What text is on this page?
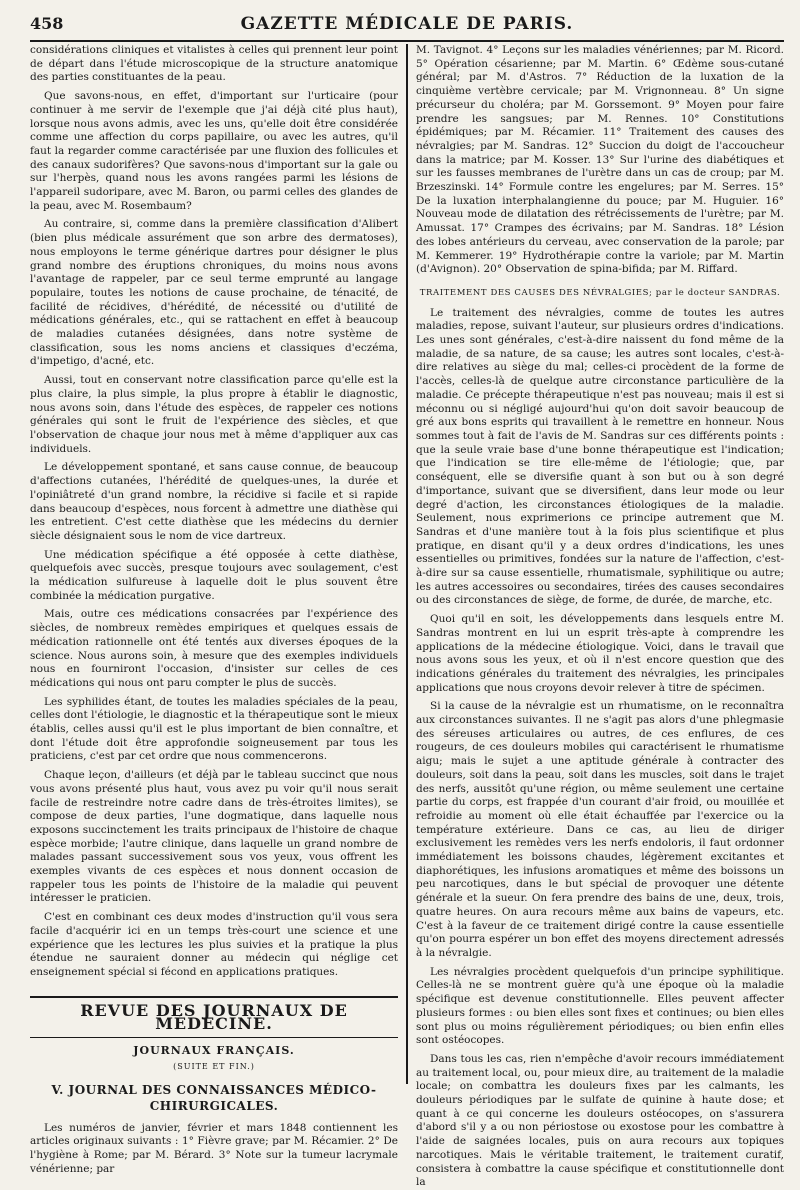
458	GAZETTE MÉDICALE DE PARIS.

considérations cliniques et vitalistes à celles qui prennent leur point de départ dans l'étude microscopique de la structure anatomique des parties constituantes de la peau.

Que savons-nous, en effet, d'important sur l'urticaire (pour continuer à me servir de l'exemple que j'ai déjà cité plus haut), lorsque nous avons admis, avec les uns, qu'elle doit être considérée comme une affection du corps papillaire, ou avec les autres, qu'il faut la regarder comme caractérisée par une fluxion des follicules et des canaux sudorifères? Que savons-nous d'important sur la gale ou sur l'herpès, quand nous les avons rangées parmi les lésions de l'appareil sudoripare, avec M. Baron, ou parmi celles des glandes de la peau, avec M. Rosembaum?

Au contraire, si, comme dans la première classification d'Alibert (bien plus médicale assurément que son arbre des dermatoses), nous employons le terme générique dartres pour désigner le plus grand nombre des éruptions chroniques, du moins nous avons l'avantage de rappeler, par ce seul terme emprunté au langage populaire, toutes les notions de cause prochaine, de ténacité, de facilité de récidives, d'hérédité, de nécessité ou d'utilité de médications générales, etc., qui se rattachent en effet à beaucoup de maladies cutanées désignées, dans notre système de classification, sous les noms anciens et classiques d'eczéma, d'impetigo, d'acné, etc.

Aussi, tout en conservant notre classification parce qu'elle est la plus claire, la plus simple, la plus propre à établir le diagnostic, nous avons soin, dans l'étude des espèces, de rappeler ces notions générales qui sont le fruit de l'expérience des siècles, et que l'observation de chaque jour nous met à même d'appliquer aux cas individuels.

Le développement spontané, et sans cause connue, de beaucoup d'affections cutanées, l'hérédité de quelques-unes, la durée et l'opiniâtreté d'un grand nombre, la récidive si facile et si rapide dans beaucoup d'espèces, nous forcent à admettre une diathèse qui les entretient. C'est cette diathèse que les médecins du dernier siècle désignaient sous le nom de vice dartreux.

Une médication spécifique a été opposée à cette diathèse, quelquefois avec succès, presque toujours avec soulagement, c'est la médication sulfureuse à laquelle doit le plus souvent être combinée la médication purgative.

Mais, outre ces médications consacrées par l'expérience des siècles, de nombreux remèdes empiriques et quelques essais de médication rationnelle ont été tentés aux diverses époques de la science. Nous aurons soin, à mesure que des exemples individuels nous en fourniront l'occasion, d'insister sur celles de ces médications qui nous ont paru compter le plus de succès.

Les syphilides étant, de toutes les maladies spéciales de la peau, celles dont l'étiologie, le diagnostic et la thérapeutique sont le mieux établis, celles aussi qu'il est le plus important de bien connaître, et dont l'étude doit être approfondie soigneusement par tous les praticiens, c'est par cet ordre que nous commencerons.

Chaque leçon, d'ailleurs (et déjà par le tableau succinct que nous vous avons présenté plus haut, vous avez pu voir qu'il nous serait facile de restreindre notre cadre dans de très-étroites limites), se compose de deux parties, l'une dogmatique, dans laquelle nous exposons succinctement les traits principaux de l'histoire de chaque espèce morbide; l'autre clinique, dans laquelle un grand nombre de malades passant successivement sous vos yeux, vous offrent les exemples vivants de ces espèces et nous donnent occasion de rappeler tous les points de l'histoire de la maladie qui peuvent intéresser le praticien.

C'est en combinant ces deux modes d'instruction qu'il vous sera facile d'acquérir ici en un temps très-court une science et une expérience que les lectures les plus suivies et la pratique la plus étendue ne sauraient donner au médecin qui néglige cet enseignement spécial si fécond en applications pratiques.

REVUE DES JOURNAUX DE MÉDECINE.
JOURNAUX FRANÇAIS.
(SUITE ET FIN.)
V. JOURNAL DES CONNAISSANCES MÉDICO-CHIRURGICALES.

Les numéros de janvier, février et mars 1848 contiennent les articles originaux suivants : 1° Fièvre grave; par M. Récamier. 2° De l'hygiène à Rome; par M. Bérard. 3° Note sur la tumeur lacrymale vénérienne; par

M. Tavignot. 4° Leçons sur les maladies vénériennes; par M. Ricord. 5° Opération césarienne; par M. Martin. 6° Œdème sous-cutané général; par M. d'Astros. 7° Réduction de la luxation de la cinquième vertèbre cervicale; par M. Vrignonneau. 8° Un signe précurseur du choléra; par M. Gorssemont. 9° Moyen pour faire prendre les sangsues; par M. Rennes. 10° Constitutions épidémiques; par M. Récamier. 11° Traitement des causes des névralgies; par M. Sandras. 12° Succion du doigt de l'accoucheur dans la matrice; par M. Kosser. 13° Sur l'urine des diabétiques et sur les fausses membranes de l'urètre dans un cas de croup; par M. Brzeszinski. 14° Formule contre les engelures; par M. Serres. 15° De la luxation interphalangienne du pouce; par M. Huguier. 16° Nouveau mode de dilatation des rétrécissements de l'urètre; par M. Amussat. 17° Crampes des écrivains; par M. Sandras. 18° Lésion des lobes antérieurs du cerveau, avec conservation de la parole; par M. Kemmerer. 19° Hydrothérapie contre la variole; par M. Martin (d'Avignon). 20° Observation de spina-bifida; par M. Riffard.

TRAITEMENT DES CAUSES DES NÉVRALGIES; par le docteur SANDRAS.

Le traitement des névralgies, comme de toutes les autres maladies, repose, suivant l'auteur, sur plusieurs ordres d'indications. Les unes sont générales, c'est-à-dire naissent du fond même de la maladie, de sa nature, de sa cause; les autres sont locales, c'est-à-dire relatives au siège du mal; celles-ci procèdent de la forme de l'accès, celles-là de quelque autre circonstance particulière de la maladie. Ce précepte thérapeutique n'est pas nouveau; mais il est si méconnu ou si négligé aujourd'hui qu'on doit savoir beaucoup de gré aux bons esprits qui travaillent à le remettre en honneur. Nous sommes tout à fait de l'avis de M. Sandras sur ces différents points : que la seule vraie base d'une bonne thérapeutique est l'indication; que l'indication se tire elle-même de l'étiologie; que, par conséquent, elle se diversifie quant à son but ou à son degré d'importance, suivant que se diversifient, dans leur mode ou leur degré d'action, les circonstances étiologiques de la maladie. Seulement, nous exprimerions ce principe autrement que M. Sandras et d'une manière tout à la fois plus scientifique et plus pratique, en disant qu'il y a deux ordres d'indications, les unes essentielles ou primitives, fondées sur la nature de l'affection, c'est-à-dire sur sa cause essentielle, rhumatismale, syphilitique ou autre; les autres accessoires ou secondaires, tirées des causes secondaires ou des circonstances de siège, de forme, de durée, de marche, etc.

Quoi qu'il en soit, les développements dans lesquels entre M. Sandras montrent en lui un esprit très-apte à comprendre les applications de la médecine étiologique. Voici, dans le travail que nous avons sous les yeux, et où il n'est encore question que des indications générales du traitement des névralgies, les principales applications que nous croyons devoir relever à titre de spécimen.

Si la cause de la névralgie est un rhumatisme, on le reconnaîtra aux circonstances suivantes. Il ne s'agit pas alors d'une phlegmasie des séreuses articulaires ou autres, de ces enflures, de ces rougeurs, de ces douleurs mobiles qui caractérisent le rhumatisme aigu; mais le sujet a une aptitude générale à contracter des douleurs, soit dans la peau, soit dans les muscles, soit dans le trajet des nerfs, aussitôt qu'une région, ou même seulement une certaine partie du corps, est frappée d'un courant d'air froid, ou mouillée et refroidie au moment où elle était échauffée par l'exercice ou la température extérieure. Dans ce cas, au lieu de diriger exclusivement les remèdes vers les nerfs endoloris, il faut ordonner immédiatement les boissons chaudes, légèrement excitantes et diaphorétiques, les infusions aromatiques et même des boissons un peu narcotiques, dans le but spécial de provoquer une détente générale et la sueur. On fera prendre des bains de une, deux, trois, quatre heures. On aura recours même aux bains de vapeurs, etc. C'est à la faveur de ce traitement dirigé contre la cause essentielle qu'on pourra espérer un bon effet des moyens directement adressés à la névralgie.

Les névralgies procèdent quelquefois d'un principe syphilitique. Celles-là ne se montrent guère qu'à une époque où la maladie spécifique est devenue constitutionnelle. Elles peuvent affecter plusieurs formes : ou bien elles sont fixes et continues; ou bien elles sont plus ou moins régulièrement périodiques; ou bien enfin elles sont ostéocopes.

Dans tous les cas, rien n'empêche d'avoir recours immédiatement au traitement local, ou, pour mieux dire, au traitement de la maladie locale; on combattra les douleurs fixes par les calmants, les douleurs périodiques par le sulfate de quinine à haute dose; et quant à ce qui concerne les douleurs ostéocopes, on s'assurera d'abord s'il y a ou non périostose ou exostose pour les combattre à l'aide de saignées locales, puis on aura recours aux topiques narcotiques. Mais le véritable traitement, le traitement curatif, consistera à combattre la cause spécifique et constitutionnelle dont la
